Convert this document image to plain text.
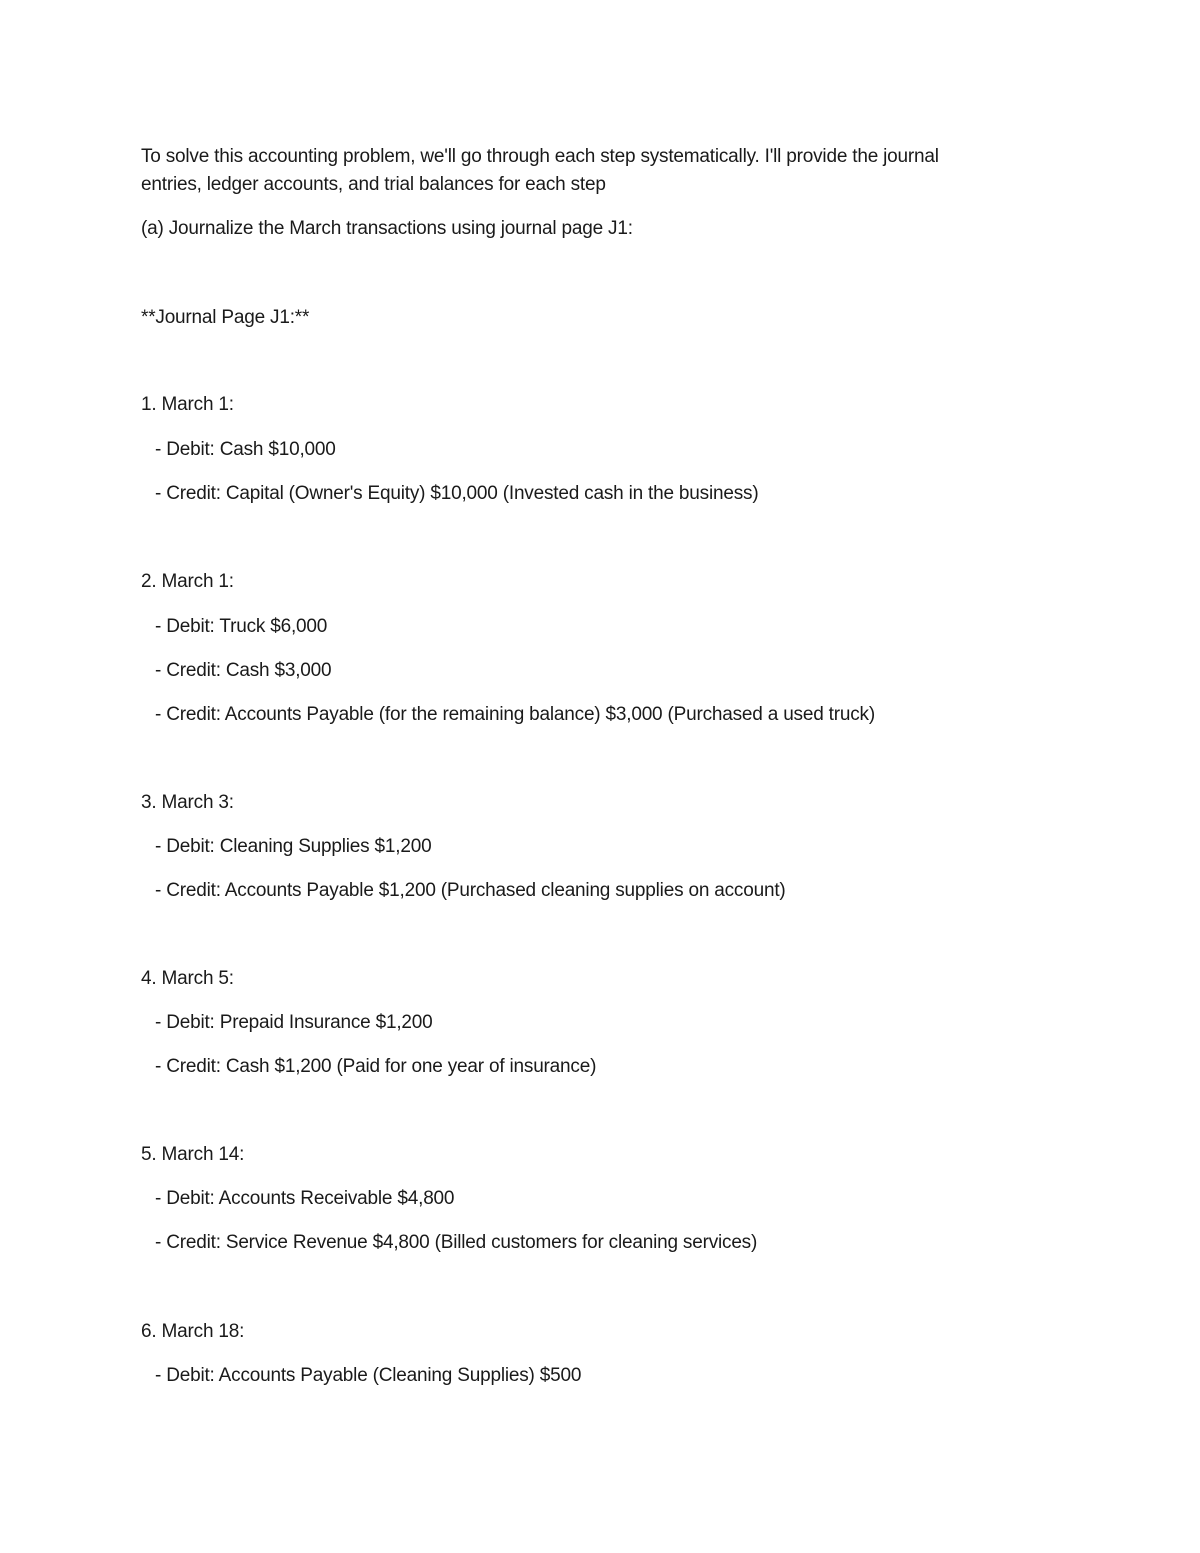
To solve this accounting problem, we'll go through each step systematically. I'll provide the journal
entries, ledger accounts, and trial balances for each step
(a) Journalize the March transactions using journal page J1:
**Journal Page J1:**
1. March 1:
- Debit: Cash $10,000
- Credit: Capital (Owner's Equity) $10,000 (Invested cash in the business)
2. March 1:
- Debit: Truck $6,000
- Credit: Cash $3,000
- Credit: Accounts Payable (for the remaining balance) $3,000 (Purchased a used truck)
3. March 3:
- Debit: Cleaning Supplies $1,200
- Credit: Accounts Payable $1,200 (Purchased cleaning supplies on account)
4. March 5:
- Debit: Prepaid Insurance $1,200
- Credit: Cash $1,200 (Paid for one year of insurance)
5. March 14:
- Debit: Accounts Receivable $4,800
- Credit: Service Revenue $4,800 (Billed customers for cleaning services)
6. March 18:
- Debit: Accounts Payable (Cleaning Supplies) $500
